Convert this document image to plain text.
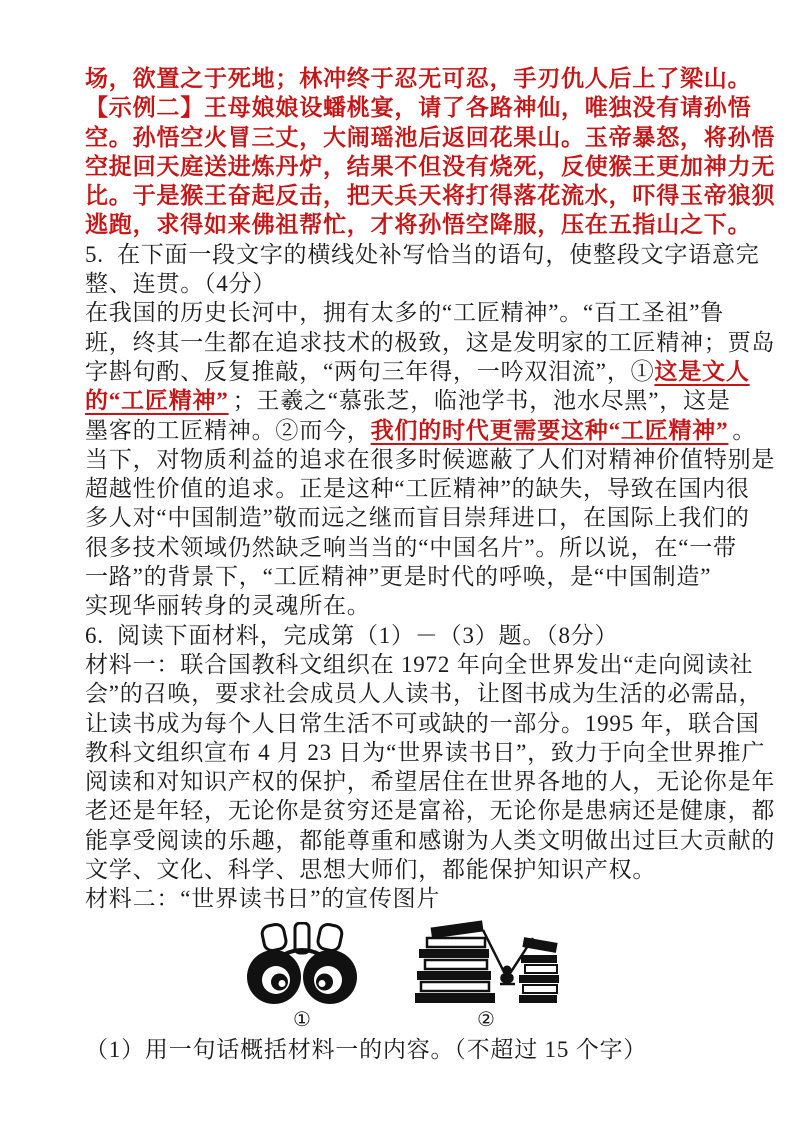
场，欲置之于死地；林冲终于忍无可忍，手刃仇人后上了梁山。
【示例二】王母娘娘设蟠桃宴，请了各路神仙，唯独没有请孙悟
空。孙悟空火冒三丈，大闹瑶池后返回花果山。玉帝暴怒，将孙悟
空捉回天庭送进炼丹炉，结果不但没有烧死，反使猴王更加神力无
比。于是猴王奋起反击，把天兵天将打得落花流水，吓得玉帝狼狈
逃跑，求得如来佛祖帮忙，才将孙悟空降服，压在五指山之下。
5.  在下面一段文字的横线处补写恰当的语句，使整段文字语意完
整、连贯。（4分）
在我国的历史长河中，拥有太多的“工匠精神”。“百工圣祖”鲁
班，终其一生都在追求技术的极致，这是发明家的工匠精神；贾岛
字斟句酌、反复推敲，“两句三年得，一吟双泪流”，①这是文人
的“工匠精神” ；王羲之“慕张芝，临池学书，池水尽黑”，这是
墨客的工匠精神。②而今，我们的时代更需要这种“工匠精神” 。
当下，对物质利益的追求在很多时候遮蔽了人们对精神价值特别是
超越性价值的追求。正是这种“工匠精神”的缺失，导致在国内很
多人对“中国制造”敬而远之继而盲目崇拜进口，在国际上我们的
很多技术领域仍然缺乏响当当的“中国名片”。所以说，在“一带
一路”的背景下，“工匠精神”更是时代的呼唤，是“中国制造”
实现华丽转身的灵魂所在。
6.  阅读下面材料，完成第（1）－（3）题。（8分）
材料一：联合国教科文组织在 1972 年向全世界发出“走向阅读社
会”的召唤，要求社会成员人人读书，让图书成为生活的必需品，
让读书成为每个人日常生活不可或缺的一部分。1995 年，联合国
教科文组织宣布 4 月 23 日为“世界读书日”，致力于向全世界推广
阅读和对知识产权的保护，希望居住在世界各地的人，无论你是年
老还是年轻，无论你是贫穷还是富裕，无论你是患病还是健康，都
能享受阅读的乐趣，都能尊重和感谢为人类文明做出过巨大贡献的
文学、文化、科学、思想大师们，都能保护知识产权。
材料二：“世界读书日”的宣传图片
①	②
（1）用一句话概括材料一的内容。（不超过 15 个字）
